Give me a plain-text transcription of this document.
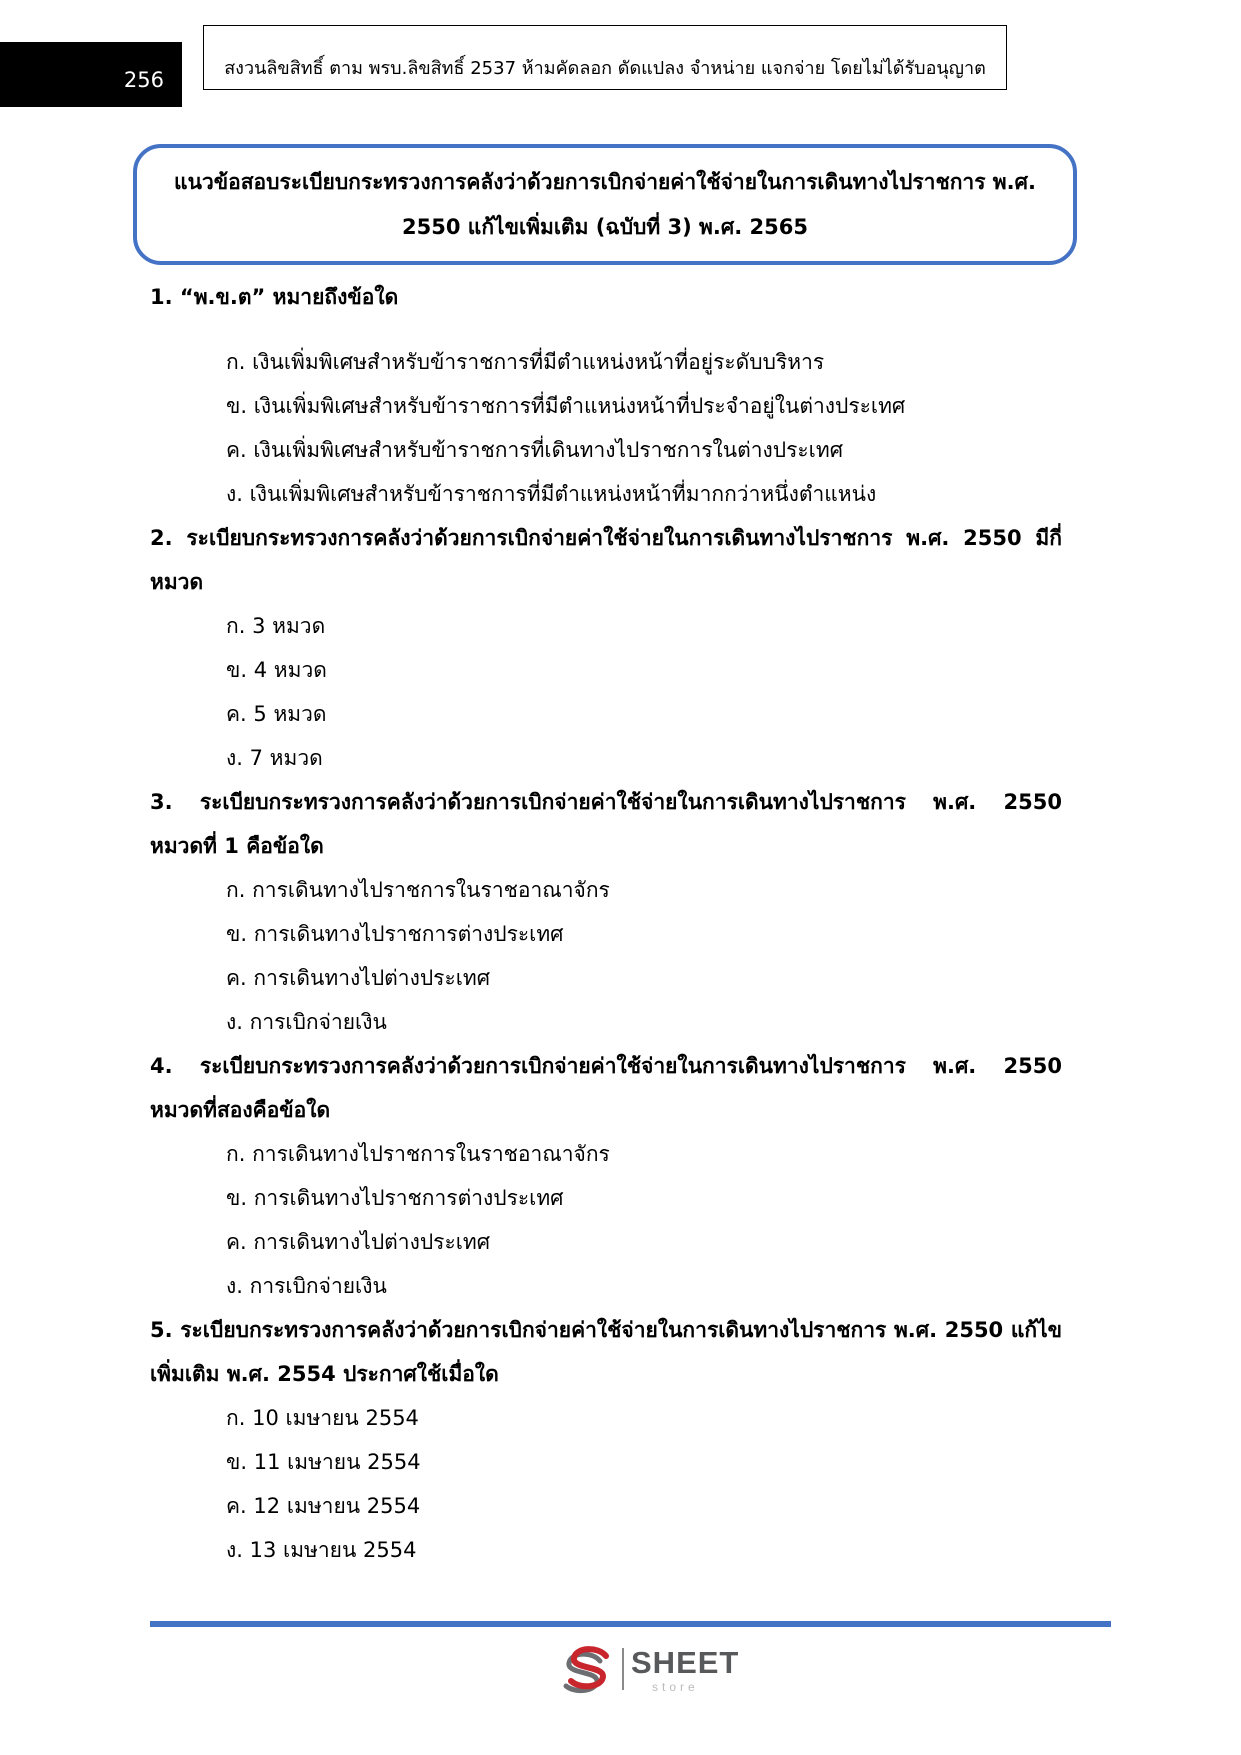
256	สงวนลิขสิทธิ์ ตาม พรบ.ลิขสิทธิ์ 2537 ห้ามคัดลอก ดัดแปลง จำหน่าย แจกจ่าย โดยไม่ได้รับอนุญาต
แนวข้อสอบระเบียบกระทรวงการคลังว่าด้วยการเบิกจ่ายค่าใช้จ่ายในการเดินทางไปราชการ พ.ศ. 2550 แก้ไขเพิ่มเติม (ฉบับที่ 3) พ.ศ. 2565
1. “พ.ข.ต” หมายถึงข้อใด
ก. เงินเพิ่มพิเศษสำหรับข้าราชการที่มีตำแหน่งหน้าที่อยู่ระดับบริหาร
ข. เงินเพิ่มพิเศษสำหรับข้าราชการที่มีตำแหน่งหน้าที่ประจำอยู่ในต่างประเทศ
ค. เงินเพิ่มพิเศษสำหรับข้าราชการที่เดินทางไปราชการในต่างประเทศ
ง. เงินเพิ่มพิเศษสำหรับข้าราชการที่มีตำแหน่งหน้าที่มากกว่าหนึ่งตำแหน่ง
2. ระเบียบกระทรวงการคลังว่าด้วยการเบิกจ่ายค่าใช้จ่ายในการเดินทางไปราชการ พ.ศ. 2550 มีกี่หมวด
ก. 3 หมวด
ข. 4 หมวด
ค. 5 หมวด
ง. 7 หมวด
3. ระเบียบกระทรวงการคลังว่าด้วยการเบิกจ่ายค่าใช้จ่ายในการเดินทางไปราชการ พ.ศ. 2550 หมวดที่ 1 คือข้อใด
ก. การเดินทางไปราชการในราชอาณาจักร
ข. การเดินทางไปราชการต่างประเทศ
ค. การเดินทางไปต่างประเทศ
ง. การเบิกจ่ายเงิน
4. ระเบียบกระทรวงการคลังว่าด้วยการเบิกจ่ายค่าใช้จ่ายในการเดินทางไปราชการ พ.ศ. 2550 หมวดที่สองคือข้อใด
ก. การเดินทางไปราชการในราชอาณาจักร
ข. การเดินทางไปราชการต่างประเทศ
ค. การเดินทางไปต่างประเทศ
ง. การเบิกจ่ายเงิน
5. ระเบียบกระทรวงการคลังว่าด้วยการเบิกจ่ายค่าใช้จ่ายในการเดินทางไปราชการ พ.ศ. 2550 แก้ไขเพิ่มเติม พ.ศ. 2554 ประกาศใช้เมื่อใด
ก. 10 เมษายน 2554
ข. 11 เมษายน 2554
ค. 12 เมษายน 2554
ง. 13 เมษายน 2554
SHEET
store
